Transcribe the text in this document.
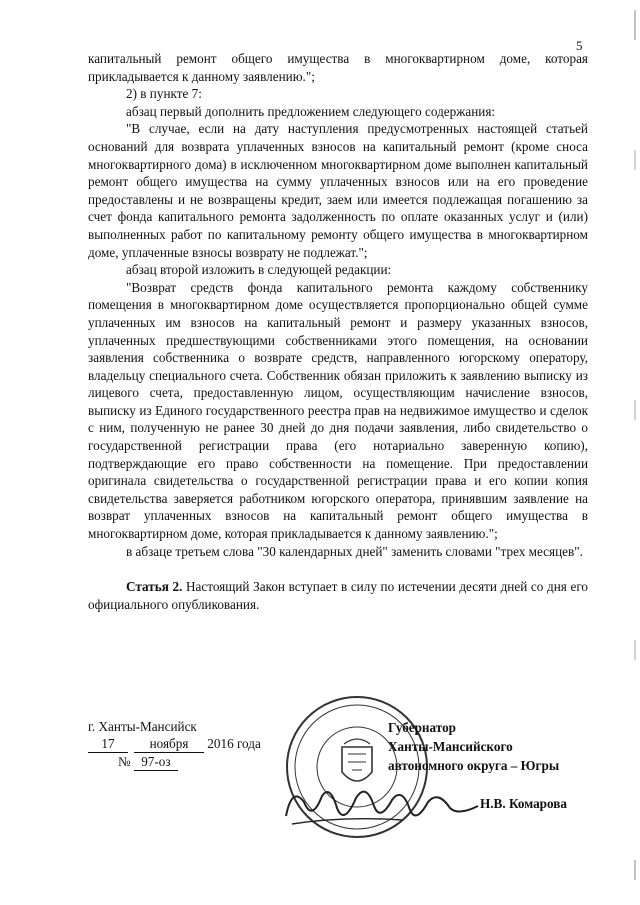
5

капитальный ремонт общего имущества в многоквартирном доме, которая прикладывается к данному заявлению.";

2) в пункте 7:

абзац первый дополнить предложением следующего содержания:

"В случае, если на дату наступления предусмотренных настоящей статьей оснований для возврата уплаченных взносов на капитальный ремонт (кроме сноса многоквартирного дома) в исключенном многоквартирном доме выполнен капитальный ремонт общего имущества на сумму уплаченных взносов или на его проведение предоставлены и не возвращены кредит, заем или имеется подлежащая погашению за счет фонда капитального ремонта задолженность по оплате оказанных услуг и (или) выполненных работ по капитальному ремонту общего имущества в многоквартирном доме, уплаченные взносы возврату не подлежат.";

абзац второй изложить в следующей редакции:

"Возврат средств фонда капитального ремонта каждому собственнику помещения в многоквартирном доме осуществляется пропорционально общей сумме уплаченных им взносов на капитальный ремонт и размеру указанных взносов, уплаченных предшествующими собственниками этого помещения, на основании заявления собственника о возврате средств, направленного югорскому оператору, владельцу специального счета. Собственник обязан приложить к заявлению выписку из лицевого счета, предоставленную лицом, осуществляющим начисление взносов, выписку из Единого государственного реестра прав на недвижимое имущество и сделок с ним, полученную не ранее 30 дней до дня подачи заявления, либо свидетельство о государственной регистрации права (его нотариально заверенную копию), подтверждающие его право собственности на помещение. При предоставлении оригинала свидетельства о государственной регистрации права и его копии копия свидетельства заверяется работником югорского оператора, принявшим заявление на возврат уплаченных взносов на капитальный ремонт общего имущества в многоквартирном доме, которая прикладывается к данному заявлению.";

в абзаце третьем слова "30 календарных дней" заменить словами "трех месяцев".

Статья 2. Настоящий Закон вступает в силу по истечении десяти дней со дня его официального опубликования.

г. Ханты-Мансийск
17	ноября 2016 года
№ 97-оз
Губернатор
Ханты-Мансийского
автономного округа – Югры
Н.В. Комарова
